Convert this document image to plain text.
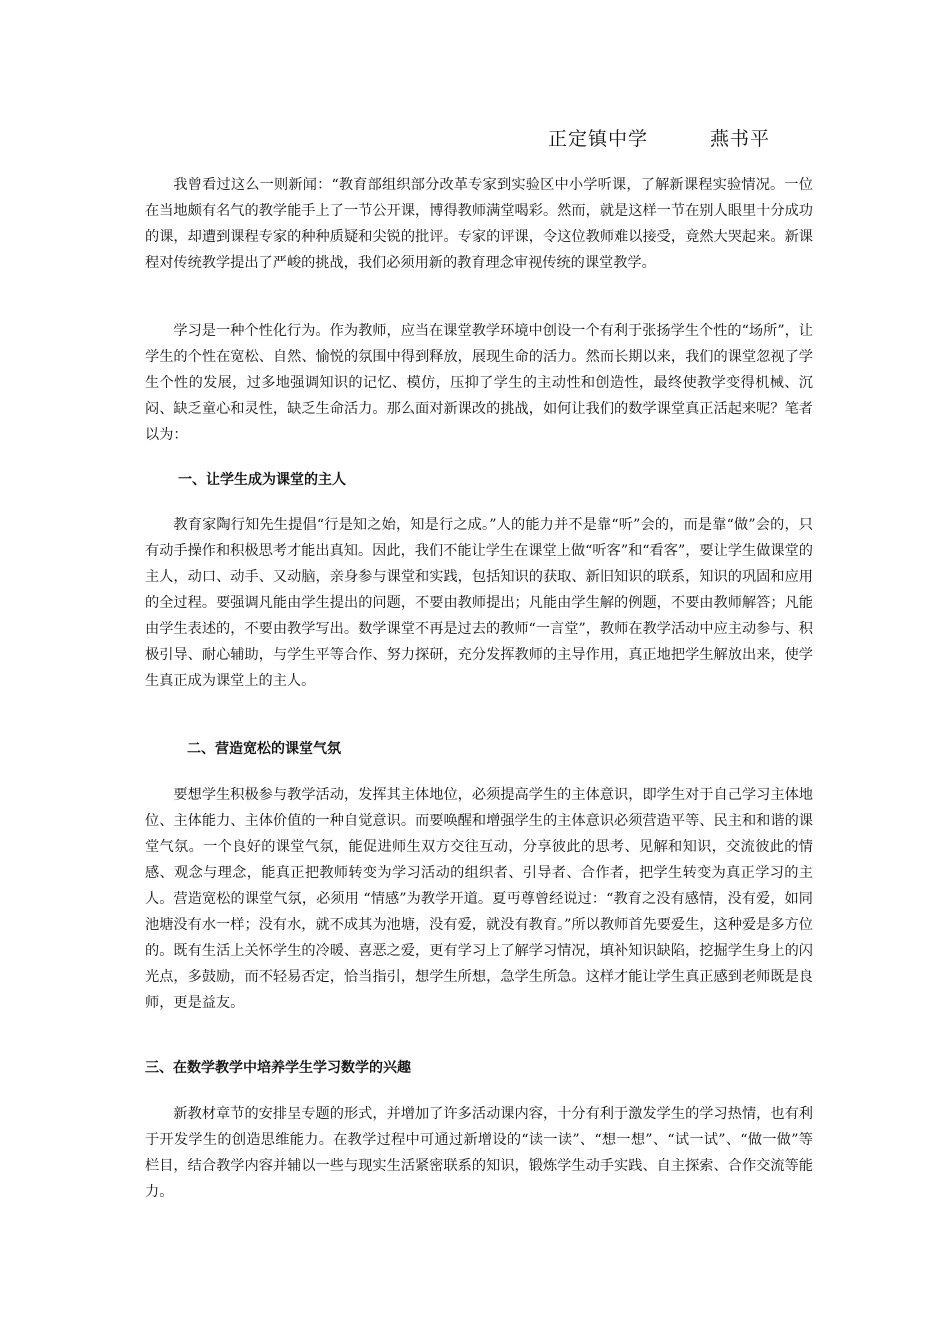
正定镇中学	燕书平

我曾看过这么一则新闻：“教育部组织部分改革专家到实验区中小学听课，了解新课程实验情况。一位在当地颇有名气的教学能手上了一节公开课，博得教师满堂喝彩。然而，就是这样一节在别人眼里十分成功的课，却遭到课程专家的种种质疑和尖锐的批评。专家的评课，令这位教师难以接受，竟然大哭起来。新课程对传统教学提出了严峻的挑战，我们必须用新的教育理念审视传统的课堂教学。

学习是一种个性化行为。作为教师，应当在课堂教学环境中创设一个有利于张扬学生个性的“场所”，让学生的个性在宽松、自然、愉悦的氛围中得到释放，展现生命的活力。然而长期以来，我们的课堂忽视了学生个性的发展，过多地强调知识的记忆、模仿，压抑了学生的主动性和创造性，最终使教学变得机械、沉闷、缺乏童心和灵性，缺乏生命活力。那么面对新课改的挑战，如何让我们的数学课堂真正活起来呢？笔者以为：

一、让学生成为课堂的主人

教育家陶行知先生提倡“行是知之始，知是行之成。”人的能力并不是靠“听”会的，而是靠“做”会的，只有动手操作和积极思考才能出真知。因此，我们不能让学生在课堂上做“听客”和“看客”，要让学生做课堂的主人，动口、动手、又动脑，亲身参与课堂和实践，包括知识的获取、新旧知识的联系，知识的巩固和应用的全过程。要强调凡能由学生提出的问题，不要由教师提出；凡能由学生解的例题，不要由教师解答；凡能由学生表述的，不要由教学写出。数学课堂不再是过去的教师“一言堂”，教师在教学活动中应主动参与、积极引导、耐心辅助，与学生平等合作、努力探研，充分发挥教师的主导作用，真正地把学生解放出来，使学生真正成为课堂上的主人。

二、营造宽松的课堂气氛

要想学生积极参与教学活动，发挥其主体地位，必须提高学生的主体意识，即学生对于自己学习主体地位、主体能力、主体价值的一种自觉意识。而要唤醒和增强学生的主体意识必须营造平等、民主和和谐的课堂气氛。一个良好的课堂气氛，能促进师生双方交往互动，分享彼此的思考、见解和知识，交流彼此的情感、观念与理念，能真正把教师转变为学习活动的组织者、引导者、合作者，把学生转变为真正学习的主人。营造宽松的课堂气氛，必须用 “情感”为教学开道。夏丏尊曾经说过：“教育之没有感情，没有爱，如同池塘没有水一样；没有水，就不成其为池塘，没有爱，就没有教育。”所以教师首先要爱生，这种爱是多方位的。既有生活上关怀学生的冷暖、喜恶之爱，更有学习上了解学习情况，填补知识缺陷，挖掘学生身上的闪光点，多鼓励，而不轻易否定，恰当指引，想学生所想，急学生所急。这样才能让学生真正感到老师既是良师，更是益友。

三、在数学教学中培养学生学习数学的兴趣

新教材章节的安排呈专题的形式，并增加了许多活动课内容，十分有利于激发学生的学习热情，也有利于开发学生的创造思维能力。在教学过程中可通过新增设的“读一读”、“想一想”、“试一试”、“做一做”等栏目，结合教学内容并辅以一些与现实生活紧密联系的知识，锻炼学生动手实践、自主探索、合作交流等能力。
